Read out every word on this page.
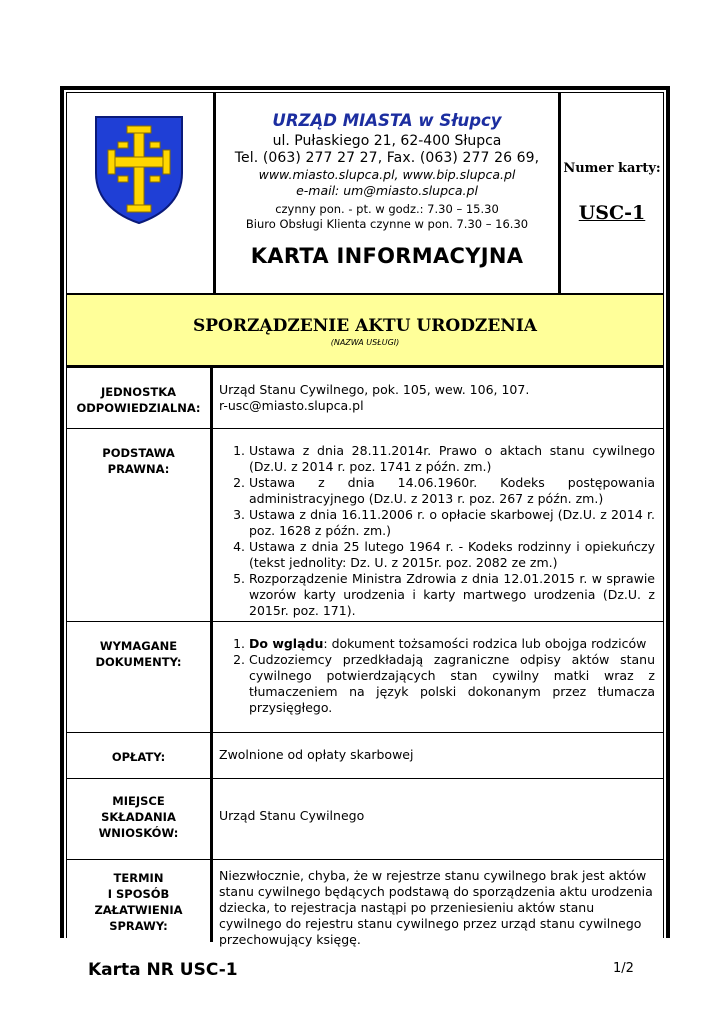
URZĄD MIASTA w Słupcy
ul. Pułaskiego 21, 62-400 Słupca
Tel. (063) 277 27 27, Fax. (063) 277 26 69,
www.miasto.slupca.pl, www.bip.slupca.pl
e-mail: um@miasto.slupca.pl
czynny pon. - pt. w godz.: 7.30 – 15.30
Biuro Obsługi Klienta czynne w pon. 7.30 – 16.30
KARTA INFORMACYJNA
Numer karty:
USC-1
SPORZĄDZENIE AKTU URODZENIA
(NAZWA USŁUGI)
JEDNOSTKA
ODPOWIEDZIALNA:
Urząd Stanu Cywilnego, pok. 105, wew. 106, 107.
r-usc@miasto.slupca.pl
PODSTAWA
PRAWNA:
1. Ustawa z dnia 28.11.2014r. Prawo o aktach stanu cywilnego (Dz.U. z 2014 r. poz. 1741 z późn. zm.)
2. Ustawa z dnia 14.06.1960r. Kodeks postępowania administracyjnego (Dz.U. z 2013 r. poz. 267 z późn. zm.)
3. Ustawa z dnia 16.11.2006 r. o opłacie skarbowej (Dz.U. z 2014 r. poz. 1628 z późn. zm.)
4. Ustawa z dnia 25 lutego 1964 r. - Kodeks rodzinny i opiekuńczy (tekst jednolity: Dz. U. z 2015r. poz. 2082 ze zm.)
5. Rozporządzenie Ministra Zdrowia z dnia 12.01.2015 r. w sprawie wzorów karty urodzenia i karty martwego urodzenia (Dz.U. z 2015r. poz. 171).
WYMAGANE
DOKUMENTY:
1. Do wglądu: dokument tożsamości rodzica lub obojga rodziców
2. Cudzoziemcy przedkładają zagraniczne odpisy aktów stanu cywilnego potwierdzających stan cywilny matki wraz z tłumaczeniem na język polski dokonanym przez tłumacza przysięgłego.
OPŁATY:	Zwolnione od opłaty skarbowej
MIEJSCE
SKŁADANIA
WNIOSKÓW:
Urząd Stanu Cywilnego
TERMIN
I SPOSÓB
ZAŁATWIENIA
SPRAWY:
Niezwłocznie, chyba, że w rejestrze stanu cywilnego brak jest aktów stanu cywilnego będących podstawą do sporządzenia aktu urodzenia dziecka, to rejestracja nastąpi po przeniesieniu aktów stanu cywilnego do rejestru stanu cywilnego przez urząd stanu cywilnego przechowujący księgę.
Karta NR USC-1	1/2
